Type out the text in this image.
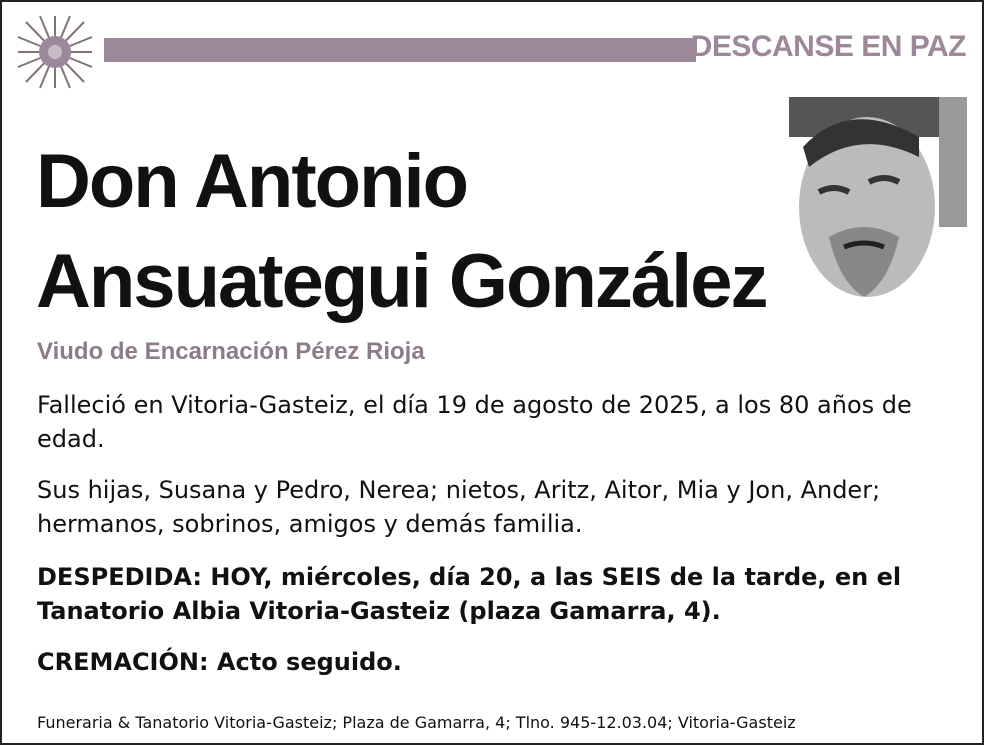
DESCANSE EN PAZ
Don Antonio
Ansuategui González
Viudo de Encarnación Pérez Rioja
Falleció en Vitoria-Gasteiz, el día 19 de agosto de 2025, a los 80 años de edad.
Sus hijas, Susana y Pedro, Nerea; nietos, Aritz, Aitor, Mia y Jon, Ander; hermanos, sobrinos, amigos y demás familia.
DESPEDIDA: HOY, miércoles, día 20, a las SEIS de la tarde, en el Tanatorio Albia Vitoria-Gasteiz (plaza Gamarra, 4).
CREMACIÓN: Acto seguido.
Funeraria & Tanatorio Vitoria-Gasteiz; Plaza de Gamarra, 4; Tlno. 945-12.03.04; Vitoria-Gasteiz
